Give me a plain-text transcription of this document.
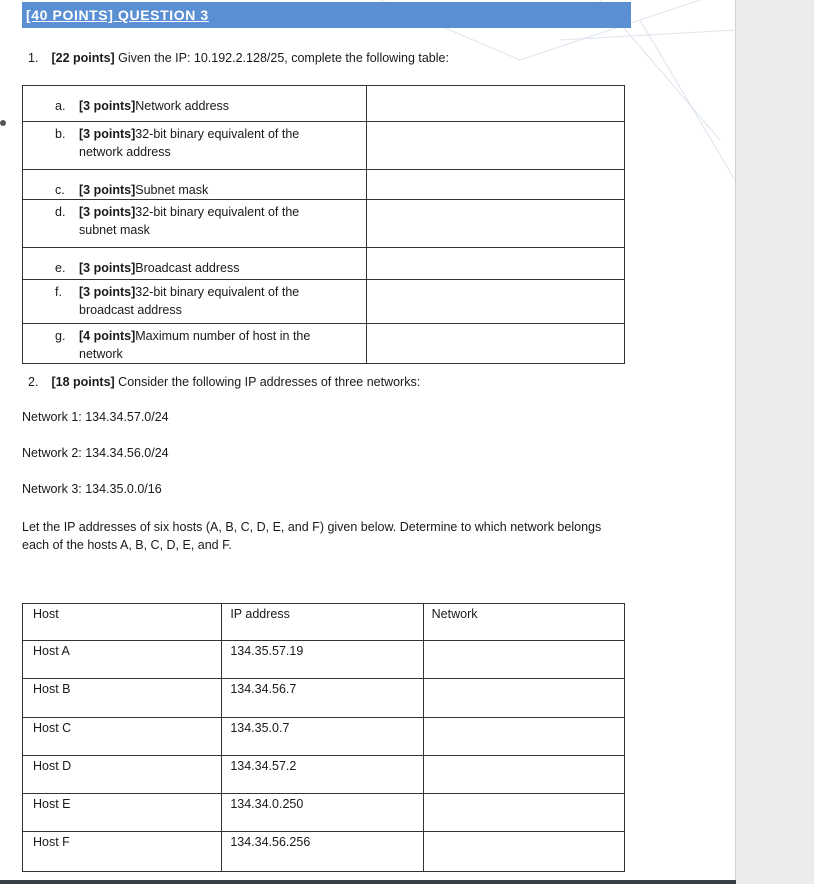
[40 POINTS] QUESTION 3
1. [22 points] Given the IP: 10.192.2.128/25, complete the following table:
a. [3 points]Network address	

b. [3 points]32-bit binary equivalent of the
network address	

c. [3 points]Subnet mask	

d. [3 points]32-bit binary equivalent of the
subnet mask	

e. [3 points]Broadcast address	

f. [3 points]32-bit binary equivalent of the
broadcast address	

g. [4 points]Maximum number of host in the
network	

2. [18 points] Consider the following IP addresses of three networks:
Network 1: 134.34.57.0/24
Network 2: 134.34.56.0/24
Network 3: 134.35.0.0/16
Let the IP addresses of six hosts (A, B, C, D, E, and F) given below. Determine to which network belongs
each of the hosts A, B, C, D, E, and F.
Host	IP address	Network
Host A	134.35.57.19	
Host B	134.34.56.7	
Host C	134.35.0.7	
Host D	134.34.57.2	
Host E	134.34.0.250	
Host F	134.34.56.256	
